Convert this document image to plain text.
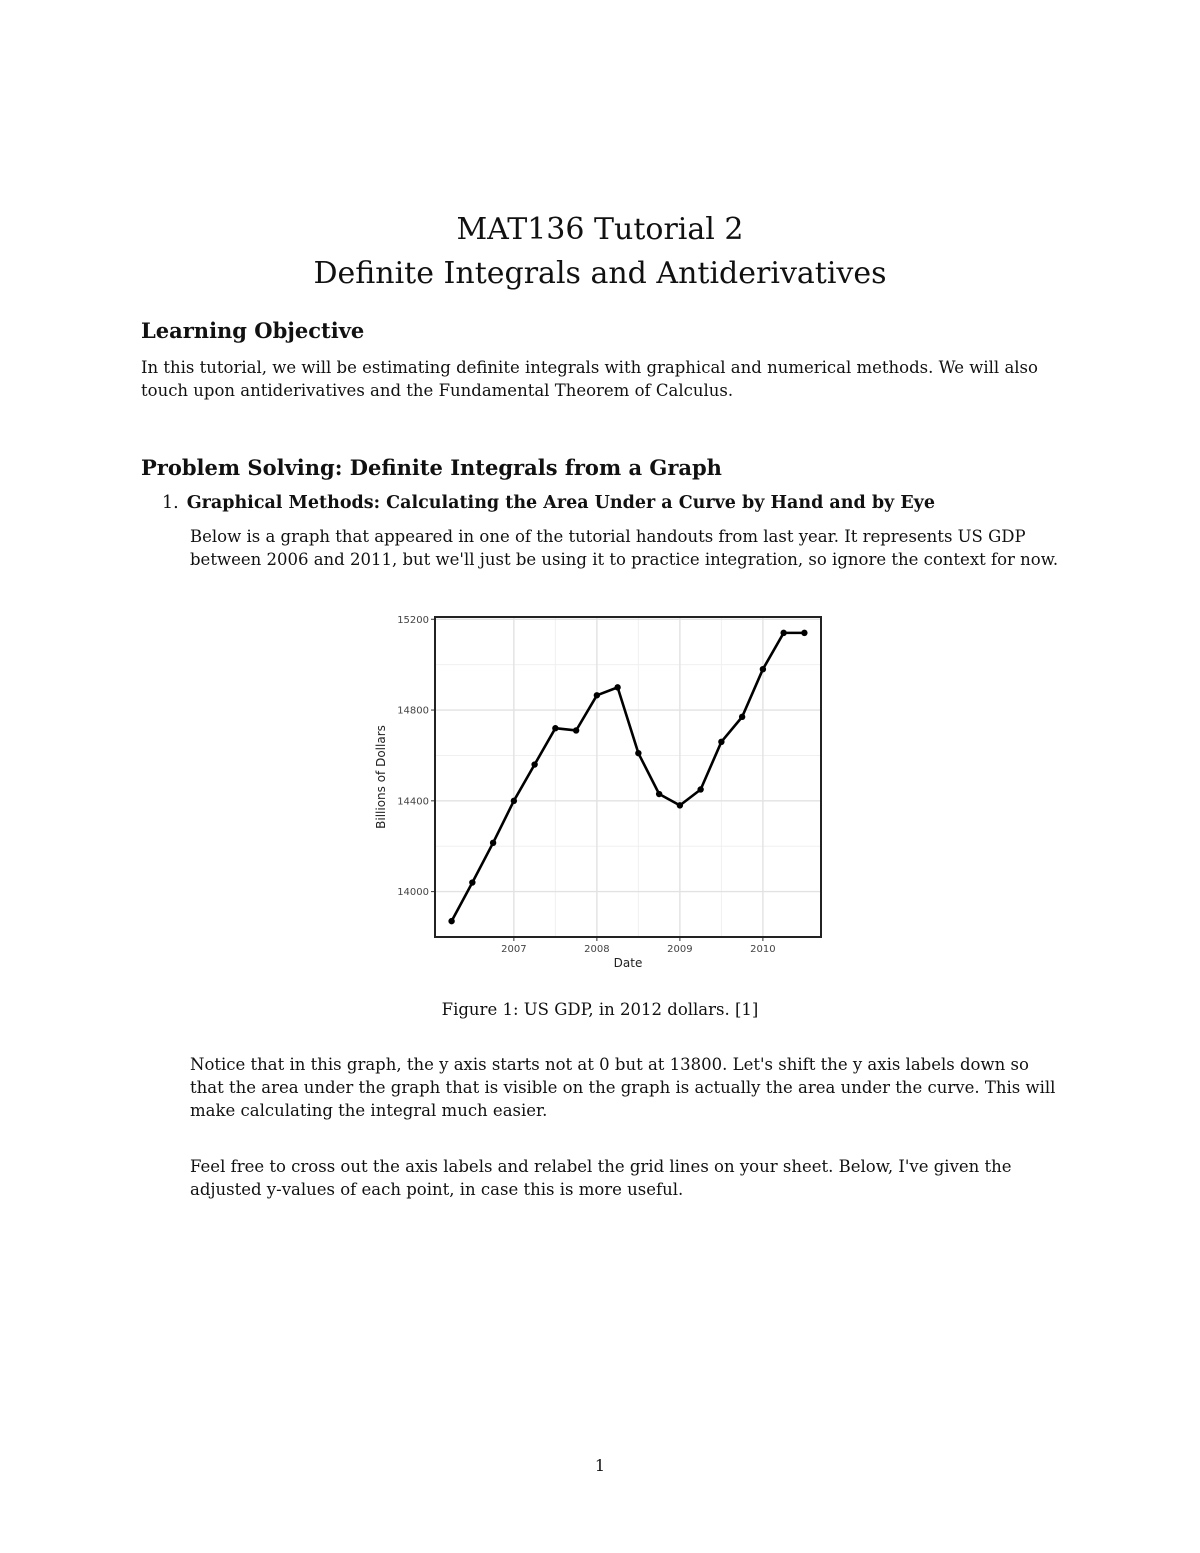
MAT136 Tutorial 2
Definite Integrals and Antiderivatives
Learning Objective

In this tutorial, we will be estimating definite integrals with graphical and numerical methods. We will also touch upon antiderivatives and the Fundamental Theorem of Calculus.

Problem Solving: Definite Integrals from a Graph
1. Graphical Methods: Calculating the Area Under a Curve by Hand and by Eye

Below is a graph that appeared in one of the tutorial handouts from last year. It represents US GDP between 2006 and 2011, but we'll just be using it to practice integration, so ignore the context for now.

14000
14400
14800
15200
2007	2008	2009	2010
Date
Billions of Dollars
Figure 1: US GDP, in 2012 dollars. [1]

Notice that in this graph, the y axis starts not at 0 but at 13800. Let's shift the y axis labels down so that the area under the graph that is visible on the graph is actually the area under the curve. This will make calculating the integral much easier.

Feel free to cross out the axis labels and relabel the grid lines on your sheet. Below, I've given the adjusted y-values of each point, in case this is more useful.

1
